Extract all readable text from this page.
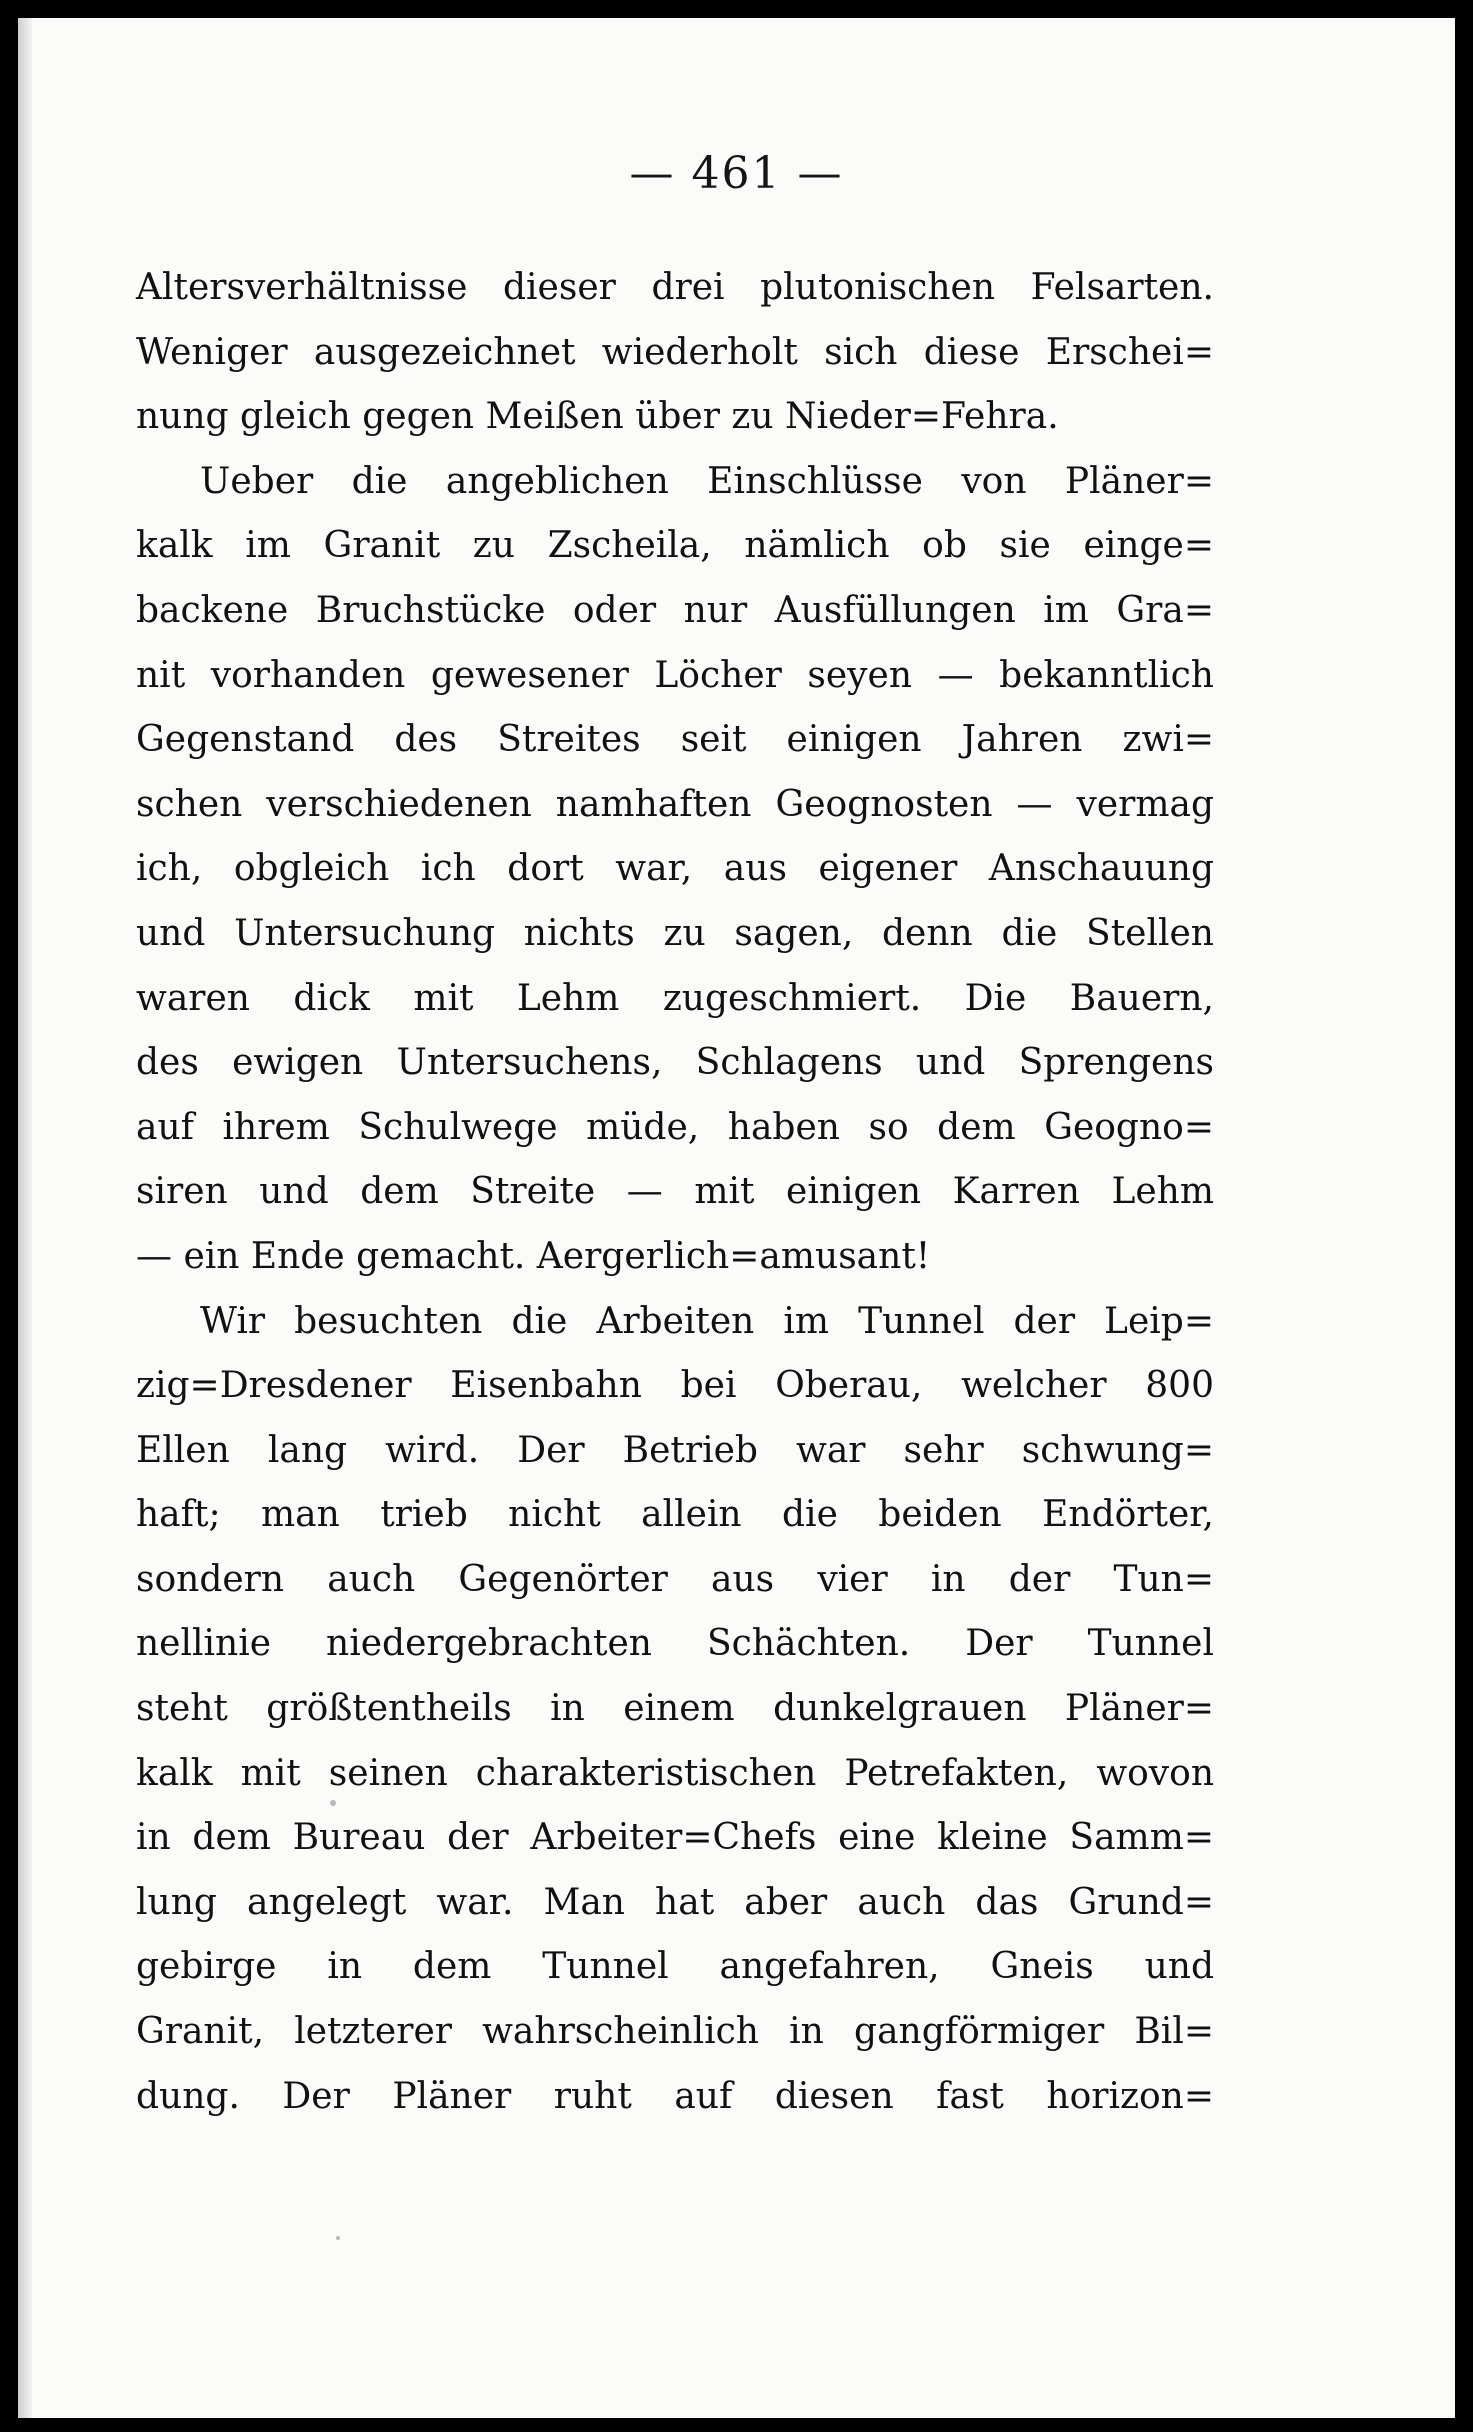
— 461 —
Altersverhältnisse dieser drei plutonischen Felsarten.
Weniger ausgezeichnet wiederholt sich diese Erschei=
nung gleich gegen Meißen über zu Nieder=Fehra.
Ueber die angeblichen Einschlüsse von Pläner=
kalk im Granit zu Zscheila, nämlich ob sie einge=
backene Bruchstücke oder nur Ausfüllungen im Gra=
nit vorhanden gewesener Löcher seyen — bekanntlich
Gegenstand des Streites seit einigen Jahren zwi=
schen verschiedenen namhaften Geognosten — vermag
ich, obgleich ich dort war, aus eigener Anschauung
und Untersuchung nichts zu sagen, denn die Stellen
waren dick mit Lehm zugeschmiert. Die Bauern,
des ewigen Untersuchens, Schlagens und Sprengens
auf ihrem Schulwege müde, haben so dem Geogno=
siren und dem Streite — mit einigen Karren Lehm
— ein Ende gemacht. Aergerlich=amusant!
Wir besuchten die Arbeiten im Tunnel der Leip=
zig=Dresdener Eisenbahn bei Oberau, welcher 800
Ellen lang wird. Der Betrieb war sehr schwung=
haft; man trieb nicht allein die beiden Endörter,
sondern auch Gegenörter aus vier in der Tun=
nellinie niedergebrachten Schächten. Der Tunnel
steht größtentheils in einem dunkelgrauen Pläner=
kalk mit seinen charakteristischen Petrefakten, wovon
in dem Bureau der Arbeiter=Chefs eine kleine Samm=
lung angelegt war. Man hat aber auch das Grund=
gebirge in dem Tunnel angefahren, Gneis und
Granit, letzterer wahrscheinlich in gangförmiger Bil=
dung. Der Pläner ruht auf diesen fast horizon=
